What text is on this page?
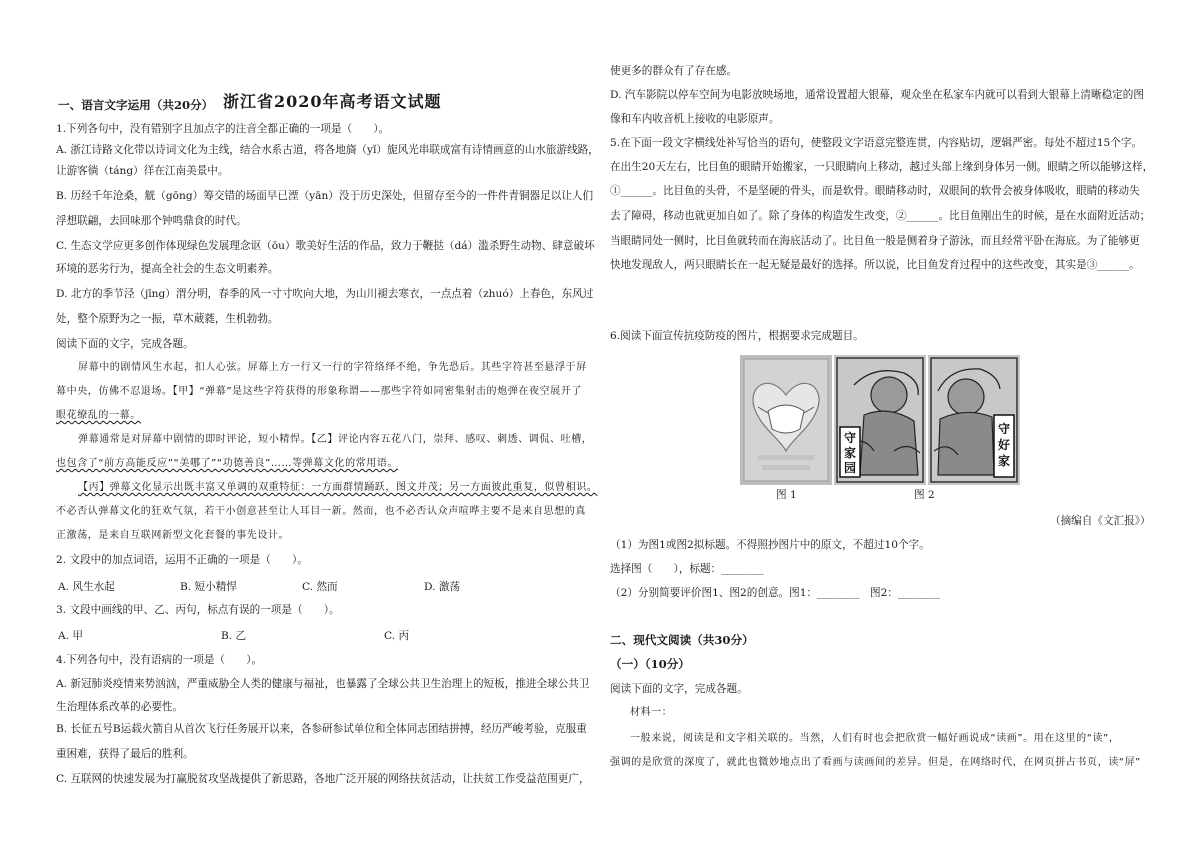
浙江省2020年高考语文试题
一、语言文字运用（共20分）
1.下列各句中，没有错别字且加点字的注音全都正确的一项是（　　）。
A. 浙江诗路文化带以诗词文化为主线，结合水系古道，将各地旖（yǐ）旎风光串联成富有诗情画意的山水旅游线路，
让游客徜（táng）徉在江南美景中。
B. 历经千年沧桑，觥（gōng）筹交错的场面早已湮（yān）没于历史深处，但留存至今的一件件青铜器足以让人们
浮想联翩，去回味那个钟鸣鼎食的时代。
C. 生态文学应更多创作体现绿色发展理念讴（ōu）歌美好生活的作品，致力于鞭挞（dá）滥杀野生动物、肆意破坏
环境的恶劣行为，提高全社会的生态文明素养。
D. 北方的季节泾（jīng）渭分明，春季的风一寸寸吹向大地，为山川褪去寒衣，一点点着（zhuó）上春色，东风过
处，整个原野为之一振，草木葳蕤，生机勃勃。
阅读下面的文字，完成各题。
屏幕中的剧情风生水起，扣人心弦。屏幕上方一行又一行的字符络绎不绝，争先恐后。其些字符甚至悬浮于屏
幕中央，仿佛不忍退场。【甲】“弹幕”是这些字符获得的形象称谓——那些字符如同密集射击的炮弹在夜空展开了
眼花缭乱的一幕。
弹幕通常是对屏幕中剧情的即时评论，短小精悍。【乙】评论内容五花八门，崇拜、感叹、刺透、调侃、吐槽，
也包含了“前方高能反应”“美哪了”“功德善良”……等弹幕文化的常用语。
【丙】弹幕文化显示出既丰富又单调的双重特征：一方面群情踊跃，图文并茂；另一方面彼此重复，似曾相识。
不必否认弹幕文化的狂欢气氛，若干小创意甚至让人耳目一新。然而，也不必否认众声喧哗主要不是来自思想的真
正激荡，是来自互联网新型文化套餐的事先设计。
2. 文段中的加点词语，运用不正确的一项是（　　）。
A. 风生水起	B. 短小精悍	C. 然而	D. 激荡
3. 文段中画线的甲、乙、丙句，标点有误的一项是（　　）。
A. 甲	B. 乙	C. 丙
4.下列各句中，没有语病的一项是（　　）。
A. 新冠肺炎疫情来势汹汹，严重威胁全人类的健康与福祉，也暴露了全球公共卫生治理上的短板，推进全球公共卫
生治理体系改革的必要性。
B. 长征五号B运载火箭自从首次飞行任务展开以来，各参研参试单位和全体同志团结拼搏，经历严峻考验，克服重
重困难，获得了最后的胜利。
C. 互联网的快速发展为打赢脱贫攻坚战提供了新思路，各地广泛开展的网络扶贫活动，让扶贫工作受益范围更广，
使更多的群众有了存在感。
D. 汽车影院以停车空间为电影放映场地，通常设置超大银幕，观众坐在私家车内就可以看到大银幕上清晰稳定的图
像和车内收音机上接收的电影原声。
5.在下面一段文字横线处补写恰当的语句，使整段文字语意完整连贯，内容贴切，逻辑严密。每处不超过15个字。
在出生20天左右，比目鱼的眼睛开始搬家，一只眼睛向上移动，越过头部上缘到身体另一侧。眼睛之所以能够这样，
①______。比目鱼的头骨，不是坚硬的骨头，而是软骨。眼睛移动时，双眼间的软骨会被身体吸收，眼睛的移动失
去了障碍，移动也就更加自如了。除了身体的构造发生改变，②______。比目鱼刚出生的时候，是在水面附近活动；
当眼睛同处一侧时，比目鱼就转而在海底活动了。比目鱼一般是侧着身子游泳，而且经常平卧在海底。为了能够更
快地发现敌人，两只眼睛长在一起无疑是最好的选择。所以说，比目鱼发育过程中的这些改变，其实是③______。
6.阅读下面宣传抗疫防疫的图片，根据要求完成题目。
守家园
守好家
图 1	图 2
（摘编自《文汇报》）
（1）为图1或图2拟标题。不得照抄图片中的原文，不超过10个字。
选择图（　　），标题：________
（2）分别简要评价图1、图2的创意。图1：________　图2：________
二、现代文阅读（共30分）
（一）（10分）
阅读下面的文字，完成各题。
材料一：
一般来说，阅读是和文字相关联的。当然，人们有时也会把欣赏一幅好画说成“读画”。用在这里的“读”，
强调的是欣赏的深度了，就此也微妙地点出了看画与读画间的差异。但是，在网络时代，在网页拼占书页，读“屏”
